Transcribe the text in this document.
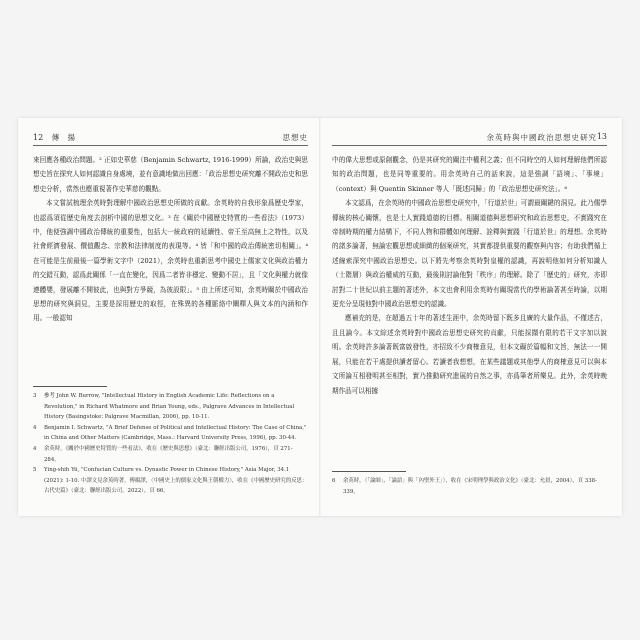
12 傳 揚	思想史

來回應各種政治問題。² 正如史華慈（Benjamin Schwartz, 1916-1999）所論，政治史與思想史旨在探究人如何認識自身處境，並有意識地做出回應：「政治思想史研究離不開政治史和思想史分析，當然也應重視著作史華慈的觀點。

本文嘗試梳理余英時對理解中國政治思想史所做的貢獻。余英時的自我形象爲歷史學家，也認爲須從歷史角度去剖析中國的思想文化。³ 在《關於中國歷史特質的一些看法》（1973）中，他便強調中國政治傳統的重要性，包括大一統政府的延續性、帝王至高無上之特性，以及社會經濟發展、價值觀念、宗教和法律制度的表現等。⁴ 皆「和中國的政治傳統密切相關」。⁴ 在可能是生前最後一篇學術文字中（2021），余英時也重新思考中國史上儒家文化與政治權力的交錯互動，認爲此關係「一直在變化，因爲二者皆非穩定、變動不居」，且「文化與權力就像連體嬰，發展離不開彼此，也與對方爭競，為彼設限」。⁵ 由上所述可知，余英時關於中國政治思想的研究與洞見，主要是採用歷史的取徑，在殊異的各種脈絡中闡釋人與文本的內涵和作用。一般認知

3 參考 John W. Burrow, "Intellectual History in English Academic Life: Reflections on a Revolution," in Richard Whatmore and Brian Young, eds., Palgrave Advances in Intellectual History (Basingstoke: Palgrave Macmillan, 2006), pp. 10-11.
4 Benjamin I. Schwartz, "A Brief Defense of Political and Intellectual History: The Case of China," in China and Other Matters (Cambridge, Mass.: Harvard University Press, 1996), pp. 30-44.
4 余英時，《關於中國歷史特質的一些看法》，收在《歷史與思想》（臺北：聯經出版公司，1976），頁 271-284。
5 Ying-shih Yü, "Confucian Culture vs. Dynastic Power in Chinese History," Asia Major, 34.1 (2021): 1-10. 中譯文見余英時著，傅揚譯，〈中國史上的儒家文化與王朝權力〉，收在《中國歷史研究的反思：古代史篇》（臺北：聯經出版公司，2022），頁 66。
余英時與中國政治思想史研究 13

中的偉大思想或原創觀念，仍是其研究的關注中權利之義；但不同時空的人如何理解他們所認知的政治問題，也是同等重要的。用余英時自己的話來說，這是強調「語境」、「事境」（context）與 Quentin Skinner 等人「既述同歸」的「政治思想史研究法」。⁶

本文認爲，在余英時的中國政治思想史研究中，「行道於世」可謂最關鍵的洞見。此乃儒學傳統的核心關懷，也是士人實踐道德的目標。相關道德與思想研究和政治思想史，不實踐究在帝制時期的權力結構下，不同人物和群體如何理解、詮釋與實踐「行道於世」的理想。余英時的諸多論著，無論宏觀思想或細緻的個案研究，其實都提供重要的觀察與內容；有助我們循上述線索深究中國政治思想史。以下將先考察余英時對皇權的認識，再說明他如何分析知識人（士階層）與政治權威的互動，最後則討論他對「秩序」的理解。除了「歷史的」研究，亦即討對二十世紀以前主題的著述外，本文也會利用余英時有關現當代的學術論著甚至時論，以期更充分呈現他對中國政治思想史的認識。

應補充的是，在超過五十年的著述生涯中，余英時留下既多且廣的大量作品，不僅述古，且且論今。本文綜述余英時對中國政治思想史研究的貢獻，只能採擷有限的若干文字加以說明。余英時許多論著既富啟發性，亦招致不少商榷意見，但本文礙於篇幅和文旨，無法一一開展，只能在若干處提供讀者留心。若讀者我想想，在某些議題或其他學人的商榷意見可以與本文所論互相發明甚至相對，實乃推動研究進展的自然之事，亦爲筆者所樂見。此外，余英時晚期作品可以相據

6 余英時，〈「論師」、「論語」與「內聖外王」〉，收在《宋明理學與政治文化》（臺北：允晨，2004），頁 338-339。
